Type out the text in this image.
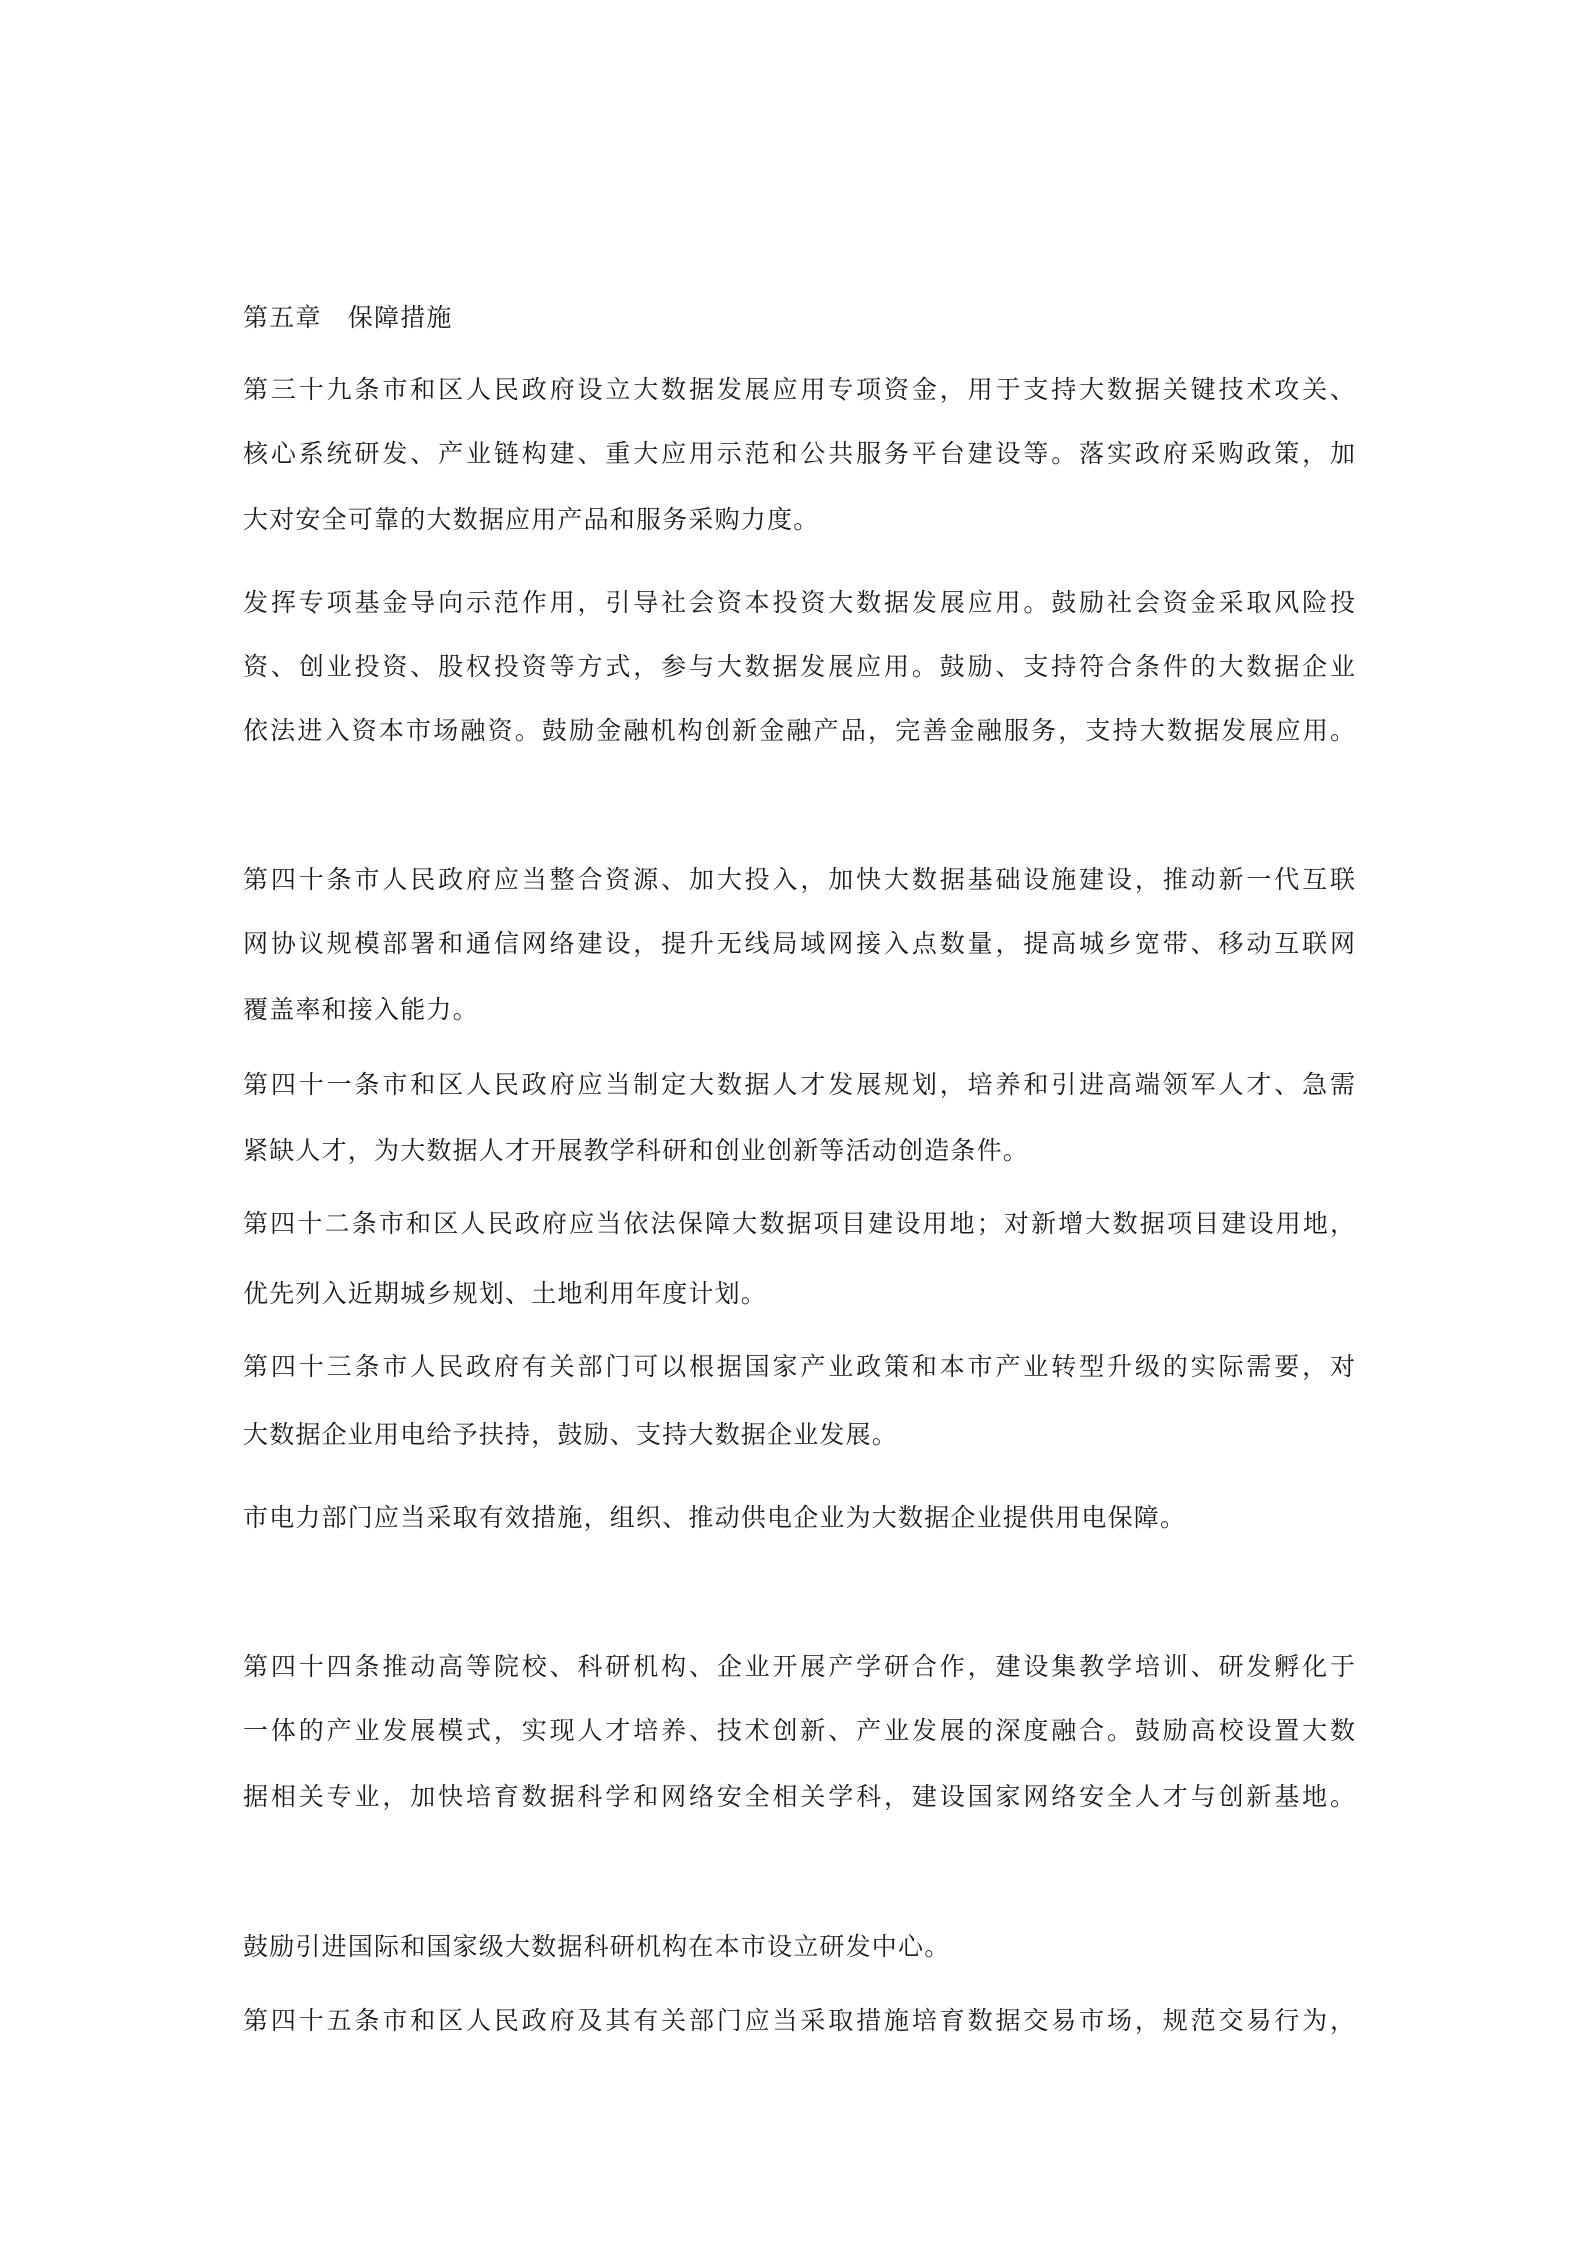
第五章　保障措施
第三十九条市和区人民政府设立大数据发展应用专项资金，用于支持大数据关键技术攻关、
核心系统研发、产业链构建、重大应用示范和公共服务平台建设等。落实政府采购政策，加
大对安全可靠的大数据应用产品和服务采购力度。
发挥专项基金导向示范作用，引导社会资本投资大数据发展应用。鼓励社会资金采取风险投
资、创业投资、股权投资等方式，参与大数据发展应用。鼓励、支持符合条件的大数据企业
依法进入资本市场融资。鼓励金融机构创新金融产品，完善金融服务，支持大数据发展应用。
第四十条市人民政府应当整合资源、加大投入，加快大数据基础设施建设，推动新一代互联
网协议规模部署和通信网络建设，提升无线局域网接入点数量，提高城乡宽带、移动互联网
覆盖率和接入能力。
第四十一条市和区人民政府应当制定大数据人才发展规划，培养和引进高端领军人才、急需
紧缺人才，为大数据人才开展教学科研和创业创新等活动创造条件。
第四十二条市和区人民政府应当依法保障大数据项目建设用地；对新增大数据项目建设用地，
优先列入近期城乡规划、土地利用年度计划。
第四十三条市人民政府有关部门可以根据国家产业政策和本市产业转型升级的实际需要，对
大数据企业用电给予扶持，鼓励、支持大数据企业发展。
市电力部门应当采取有效措施，组织、推动供电企业为大数据企业提供用电保障。
第四十四条推动高等院校、科研机构、企业开展产学研合作，建设集教学培训、研发孵化于
一体的产业发展模式，实现人才培养、技术创新、产业发展的深度融合。鼓励高校设置大数
据相关专业，加快培育数据科学和网络安全相关学科，建设国家网络安全人才与创新基地。
鼓励引进国际和国家级大数据科研机构在本市设立研发中心。
第四十五条市和区人民政府及其有关部门应当采取措施培育数据交易市场，规范交易行为，
